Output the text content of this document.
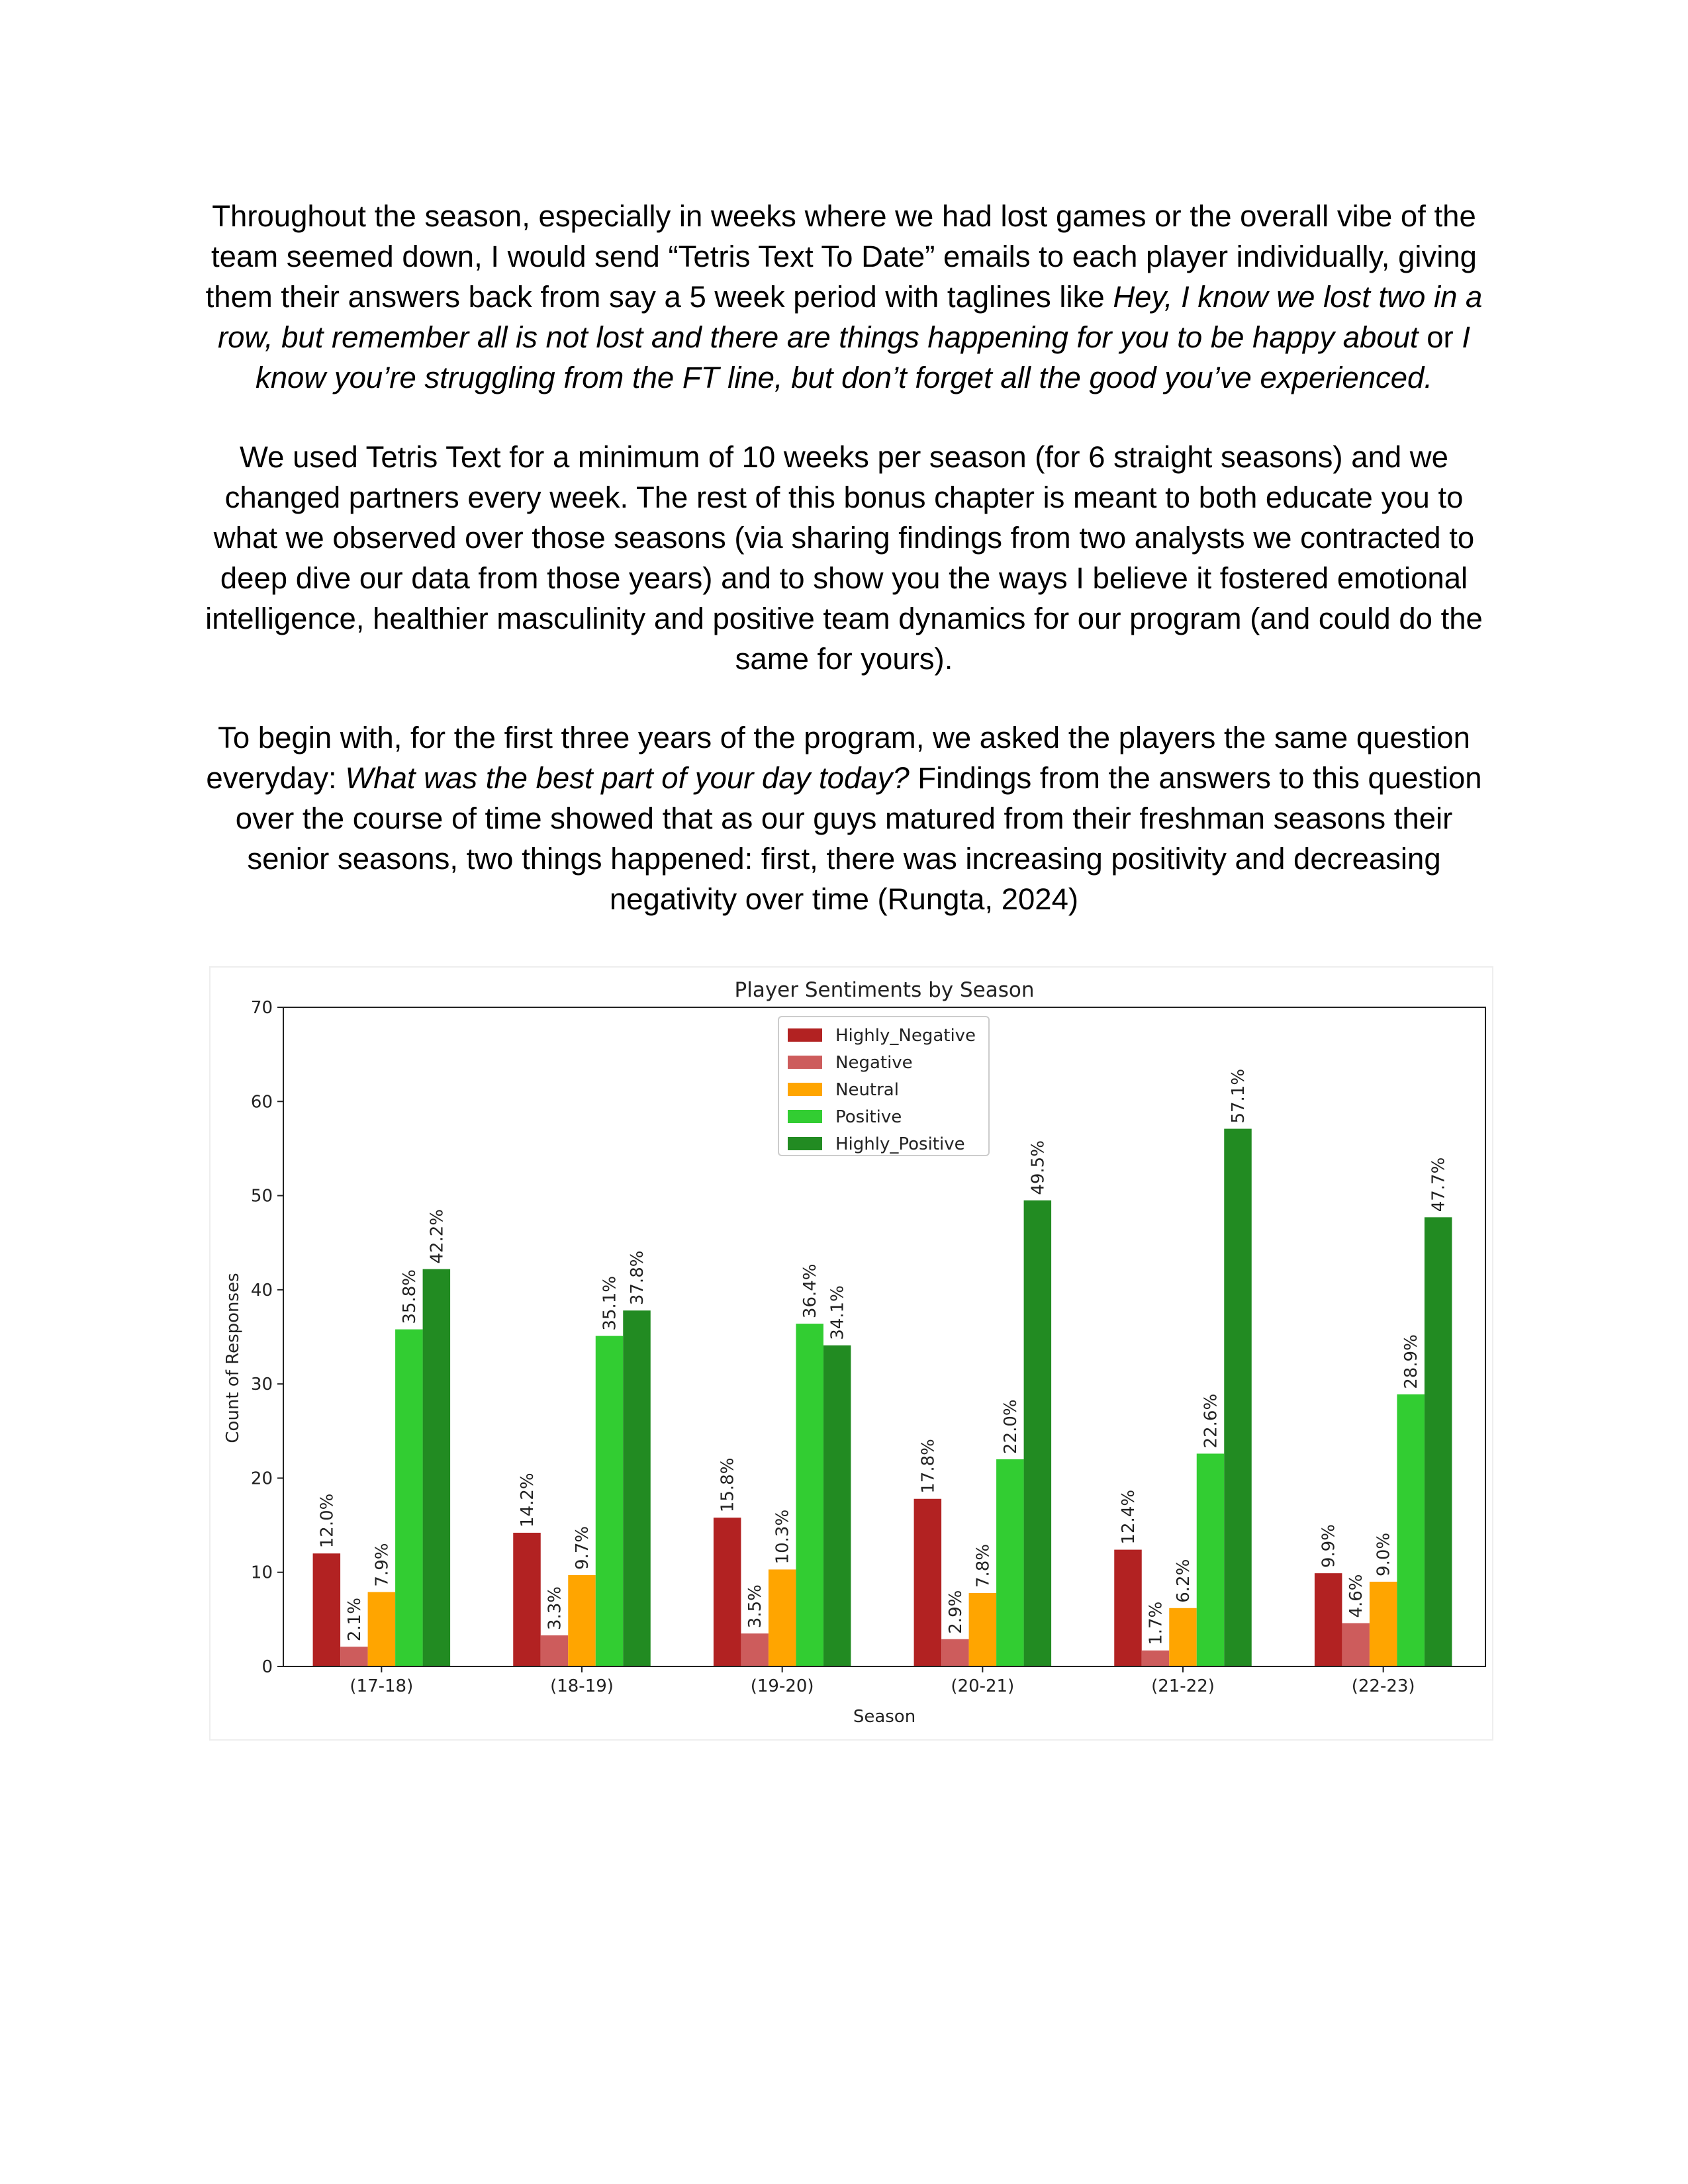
Throughout the season, especially in weeks where we had lost games or the overall vibe of the team seemed down, I would send “Tetris Text To Date” emails to each player individually, giving them their answers back from say a 5 week period with taglines like Hey, I know we lost two in a row, but remember all is not lost and there are things happening for you to be happy about or I know you’re struggling from the FT line, but don’t forget all the good you’ve experienced.
We used Tetris Text for a minimum of 10 weeks per season (for 6 straight seasons) and we changed partners every week. The rest of this bonus chapter is meant to both educate you to what we observed over those seasons (via sharing findings from two analysts we contracted to deep dive our data from those years) and to show you the ways I believe it fostered emotional intelligence, healthier masculinity and positive team dynamics for our program (and could do the same for yours).
To begin with, for the first three years of the program, we asked the players the same question everyday: What was the best part of your day today? Findings from the answers to this question over the course of time showed that as our guys matured from their freshman seasons their senior seasons, two things happened: first, there was increasing positivity and decreasing negativity over time (Rungta, 2024)
Player Sentiments by Season
Season
Count of Responses
0
10
20
30
40
50
60
70
(17-18)	(18-19)	(19-20)	(20-21)	(21-22)	(22-23)
12.0%	14.2%	15.8%	17.8%
12.4%
9.9%
2.1%	3.3%	3.5%	2.9%	1.7%
4.6%
7.9%	9.7%	10.3%
7.8%	6.2%
9.0%
35.8%	35.1%	36.4%
22.0%	22.6%
28.9%
42.2%
37.8%
34.1%
49.5%
57.1%
47.7%
Highly_Negative
Negative
Neutral
Positive
Highly_Positive
